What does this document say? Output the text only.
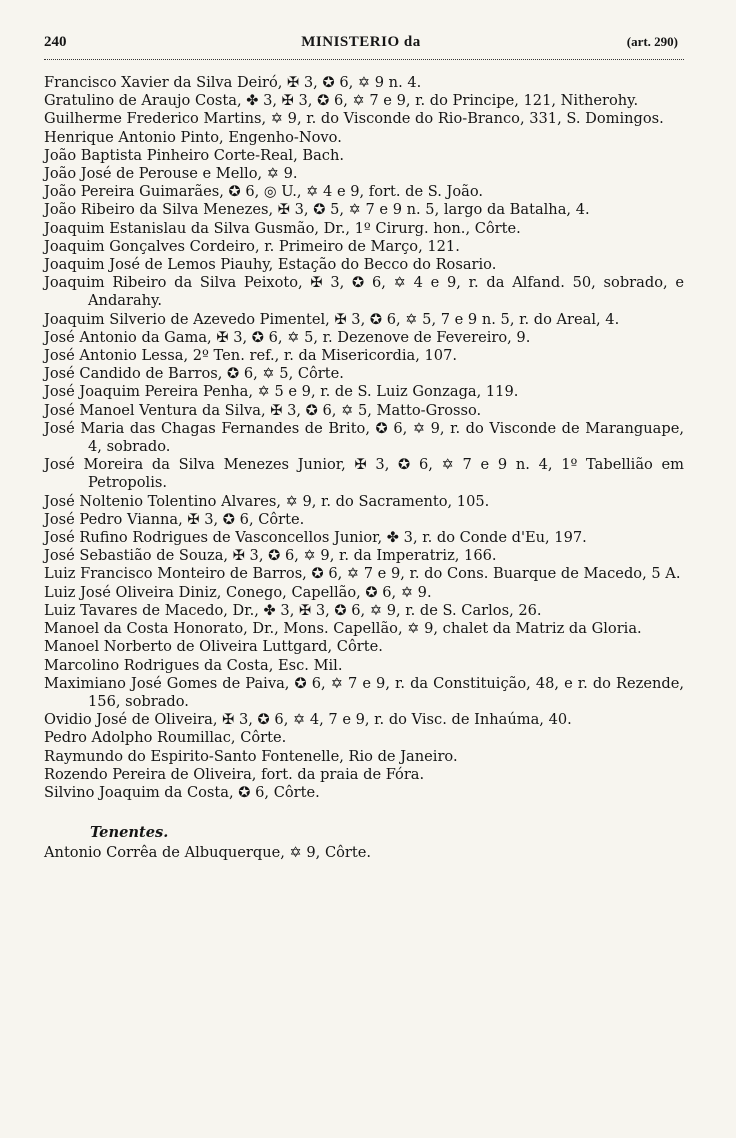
240	MINISTERIO da	(art. 290)
Francisco Xavier da Silva Deiró, ✠ 3, ✪ 6, ✡ 9 n. 4.
Gratulino de Araujo Costa, ✤ 3, ✠ 3, ✪ 6, ✡ 7 e 9, r. do Principe, 121, Nitherohy.
Guilherme Frederico Martins, ✡ 9, r. do Visconde do Rio-Branco, 331, S. Domingos.
Henrique Antonio Pinto, Engenho-Novo.
João Baptista Pinheiro Corte-Real, Bach.
João José de Perouse e Mello, ✡ 9.
João Pereira Guimarães, ✪ 6, ◎ U., ✡ 4 e 9, fort. de S. João.
João Ribeiro da Silva Menezes, ✠ 3, ✪ 5, ✡ 7 e 9 n. 5, largo da Batalha, 4.
Joaquim Estanislau da Silva Gusmão, Dr., 1º Cirurg. hon., Côrte.
Joaquim Gonçalves Cordeiro, r. Primeiro de Março, 121.
Joaquim José de Lemos Piauhy, Estação do Becco do Rosario.
Joaquim Ribeiro da Silva Peixoto, ✠ 3, ✪ 6, ✡ 4 e 9, r. da Alfand. 50, sobrado, e Andarahy.
Joaquim Silverio de Azevedo Pimentel, ✠ 3, ✪ 6, ✡ 5, 7 e 9 n. 5, r. do Areal, 4.
José Antonio da Gama, ✠ 3, ✪ 6, ✡ 5, r. Dezenove de Fevereiro, 9.
José Antonio Lessa, 2º Ten. ref., r. da Misericordia, 107.
José Candido de Barros, ✪ 6, ✡ 5, Côrte.
José Joaquim Pereira Penha, ✡ 5 e 9, r. de S. Luiz Gonzaga, 119.
José Manoel Ventura da Silva, ✠ 3, ✪ 6, ✡ 5, Matto-Grosso.
José Maria das Chagas Fernandes de Brito, ✪ 6, ✡ 9, r. do Visconde de Maranguape, 4, sobrado.
José Moreira da Silva Menezes Junior, ✠ 3, ✪ 6, ✡ 7 e 9 n. 4, 1º Tabellião em Petropolis.
José Noltenio Tolentino Alvares, ✡ 9, r. do Sacramento, 105.
José Pedro Vianna, ✠ 3, ✪ 6, Côrte.
José Rufino Rodrigues de Vasconcellos Junior, ✤ 3, r. do Conde d'Eu, 197.
José Sebastião de Souza, ✠ 3, ✪ 6, ✡ 9, r. da Imperatriz, 166.
Luiz Francisco Monteiro de Barros, ✪ 6, ✡ 7 e 9, r. do Cons. Buarque de Macedo, 5 A.
Luiz José Oliveira Diniz, Conego, Capellão, ✪ 6, ✡ 9.
Luiz Tavares de Macedo, Dr., ✤ 3, ✠ 3, ✪ 6, ✡ 9, r. de S. Carlos, 26.
Manoel da Costa Honorato, Dr., Mons. Capellão, ✡ 9, chalet da Matriz da Gloria.
Manoel Norberto de Oliveira Luttgard, Côrte.
Marcolino Rodrigues da Costa, Esc. Mil.
Maximiano José Gomes de Paiva, ✪ 6, ✡ 7 e 9, r. da Constituição, 48, e r. do Rezende, 156, sobrado.
Ovidio José de Oliveira, ✠ 3, ✪ 6, ✡ 4, 7 e 9, r. do Visc. de Inhaúma, 40.
Pedro Adolpho Roumillac, Côrte.
Raymundo do Espirito-Santo Fontenelle, Rio de Janeiro.
Rozendo Pereira de Oliveira, fort. da praia de Fóra.
Silvino Joaquim da Costa, ✪ 6, Côrte.
Tenentes.
Antonio Corrêa de Albuquerque, ✡ 9, Côrte.
